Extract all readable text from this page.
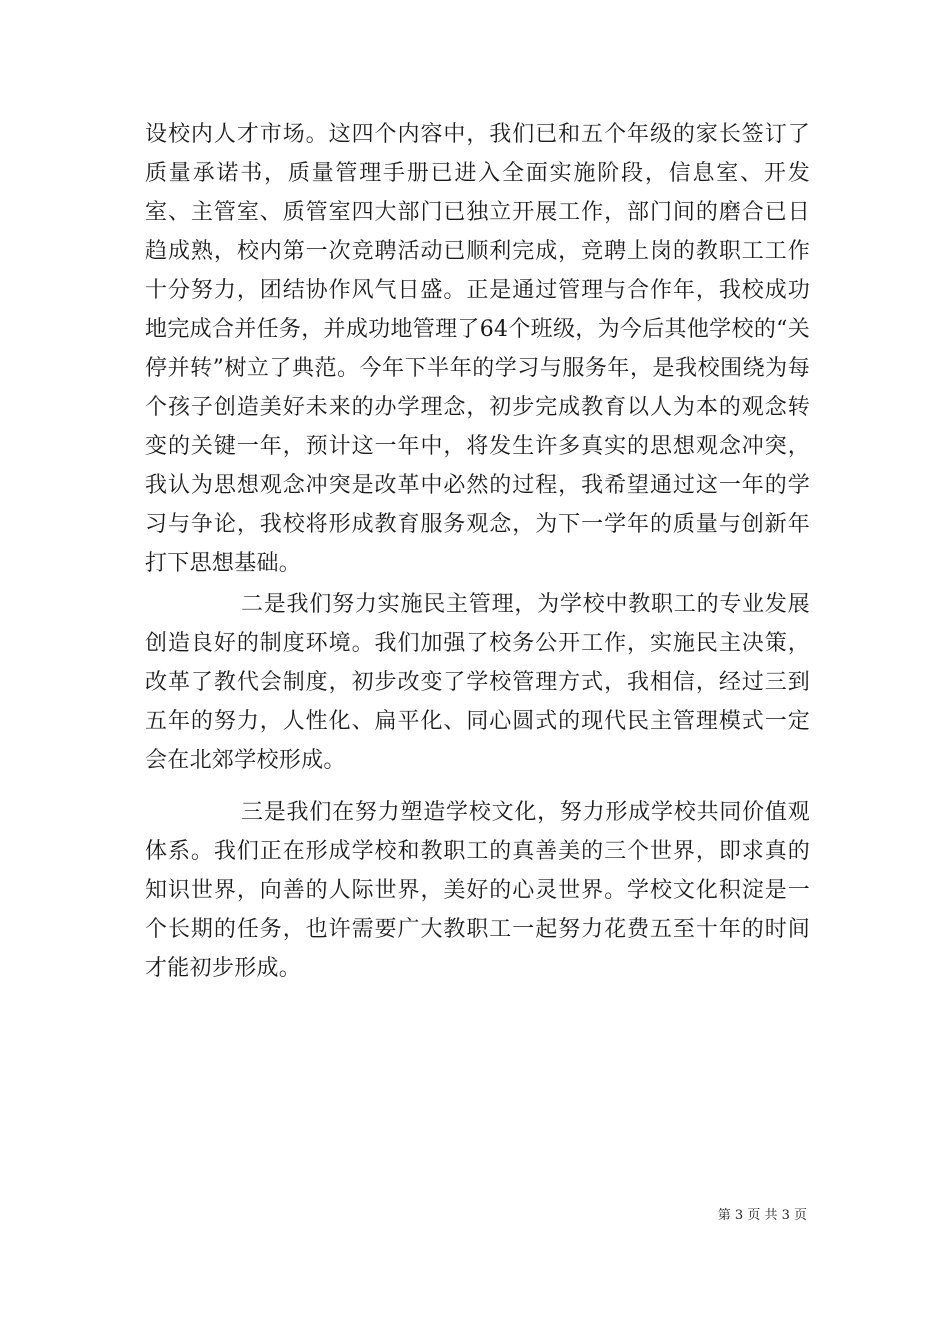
设校内人才市场。这四个内容中，我们已和五个年级的家长签订了质量承诺书，质量管理手册已进入全面实施阶段，信息室、开发室、主管室、质管室四大部门已独立开展工作，部门间的磨合已日趋成熟，校内第一次竞聘活动已顺利完成，竞聘上岗的教职工工作十分努力，团结协作风气日盛。正是通过管理与合作年，我校成功地完成合并任务，并成功地管理了64个班级，为今后其他学校的“关停并转”树立了典范。今年下半年的学习与服务年，是我校围绕为每个孩子创造美好未来的办学理念，初步完成教育以人为本的观念转变的关键一年，预计这一年中，将发生许多真实的思想观念冲突，我认为思想观念冲突是改革中必然的过程，我希望通过这一年的学习与争论，我校将形成教育服务观念，为下一学年的质量与创新年打下思想基础。

二是我们努力实施民主管理，为学校中教职工的专业发展创造良好的制度环境。我们加强了校务公开工作，实施民主决策，改革了教代会制度，初步改变了学校管理方式，我相信，经过三到五年的努力，人性化、扁平化、同心圆式的现代民主管理模式一定会在北郊学校形成。

三是我们在努力塑造学校文化，努力形成学校共同价值观体系。我们正在形成学校和教职工的真善美的三个世界，即求真的知识世界，向善的人际世界，美好的心灵世界。学校文化积淀是一个长期的任务，也许需要广大教职工一起努力花费五至十年的时间才能初步形成。

第 3 页 共 3 页
